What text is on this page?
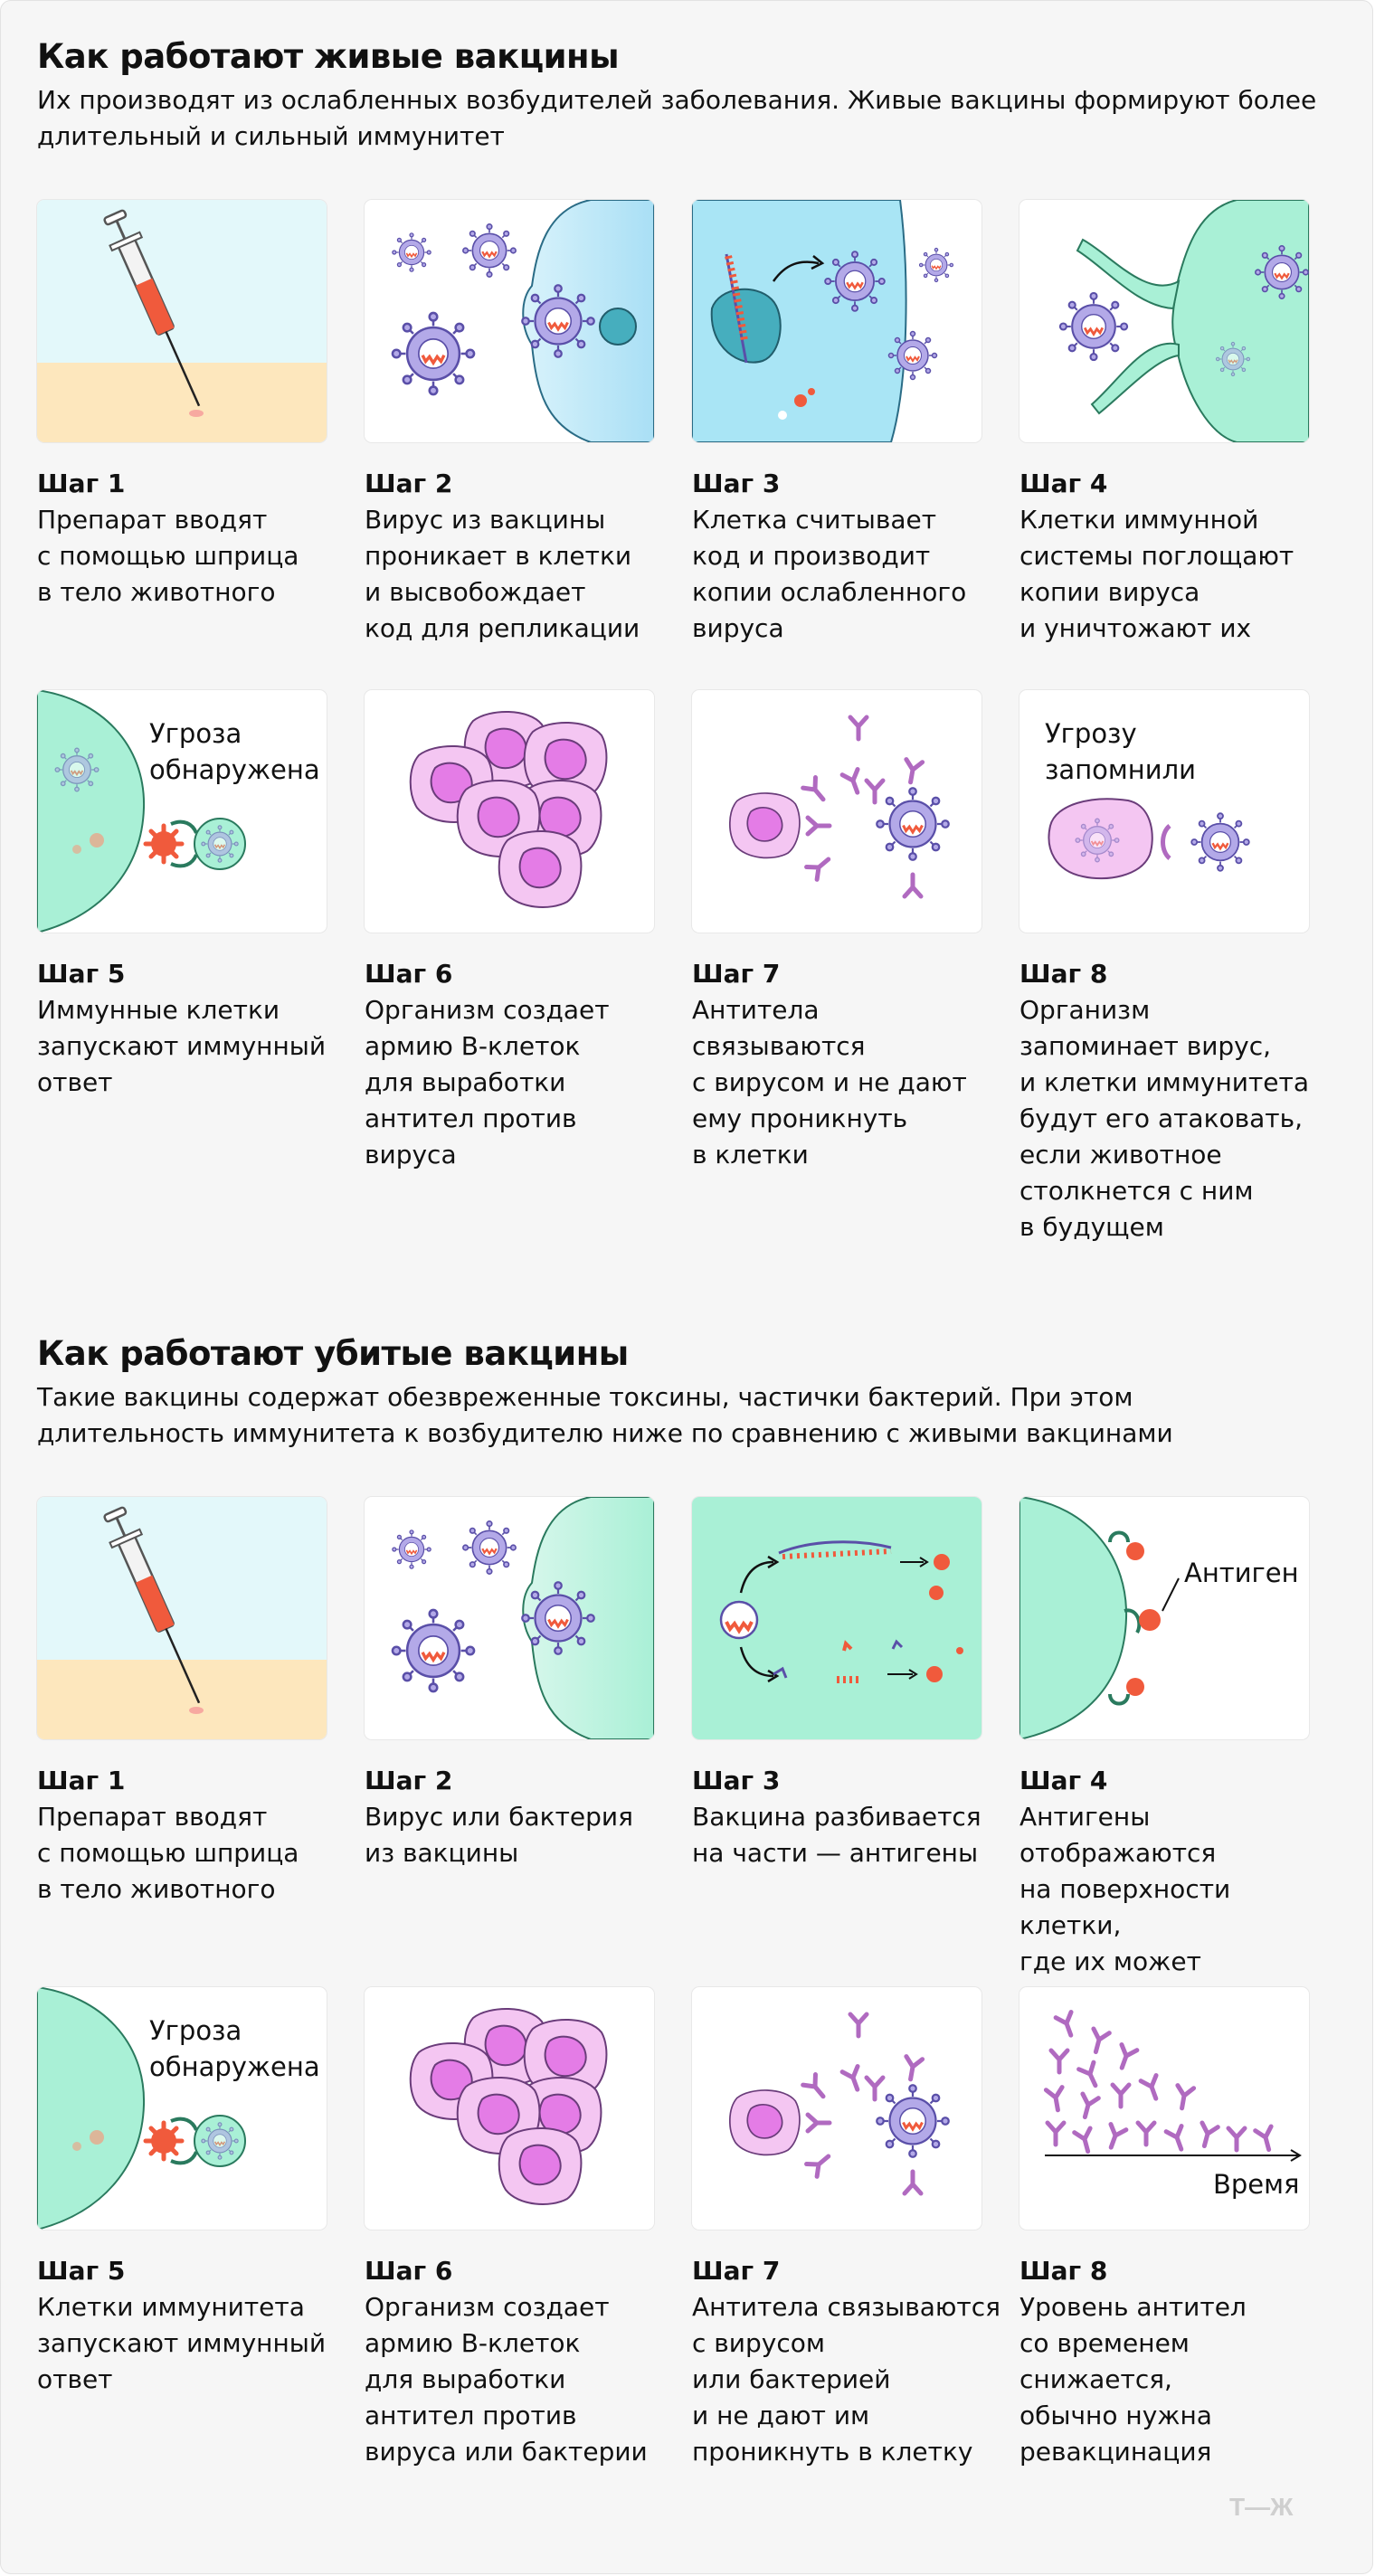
Как работают живые вакцины

Их производят из ослабленных возбудителей заболевания. Живые вакцины формируют более длительный и сильный иммунитет

Шаг 1
Препарат вводят
с помощью шприца
в тело животного
Шаг 2
Вирус из вакцины
проникает в клетки
и высвобождает
код для репликации
Шаг 3
Клетка считывает
код и производит
копии ослабленного
вируса
Шаг 4
Клетки иммунной
системы поглощают
копии вируса
и уничтожают их
Угроза
обнаружена
Шаг 5
Иммунные клетки
запускают иммунный
ответ
Шаг 6
Организм создает
армию В-клеток
для выработки
антител против
вируса
Шаг 7
Антитела
связываются
с вирусом и не дают
ему проникнуть
в клетки
Угрозу
запомнили
Шаг 8
Организм
запоминает вирус,
и клетки иммунитета
будут его атаковать,
если животное
столкнется с ним
в будущем
Как работают убитые вакцины

Такие вакцины содержат обезвреженные токсины, частички бактерий. При этом длительность иммунитета к возбудителю ниже по сравнению с живыми вакцинами

Шаг 1
Препарат вводят
с помощью шприца
в тело животного
Шаг 2
Вирус или бактерия
из вакцины
Шаг 3
Вакцина разбивается
на части — антигены
Антиген
Шаг 4
Антигены отображаются
на поверхности клетки,
где их может

Угроза
обнаружена
Шаг 5
Клетки иммунитета
запускают иммунный
ответ
Шаг 6
Организм создает
армию В-клеток
для выработки
антител против
вируса или бактерии
Шаг 7
Антитела связываются
с вирусом
или бактерией
и не дают им
проникнуть в клетку
Время
Шаг 8
Уровень антител
со временем
снижается,
обычно нужна
ревакцинация
Т—Ж
